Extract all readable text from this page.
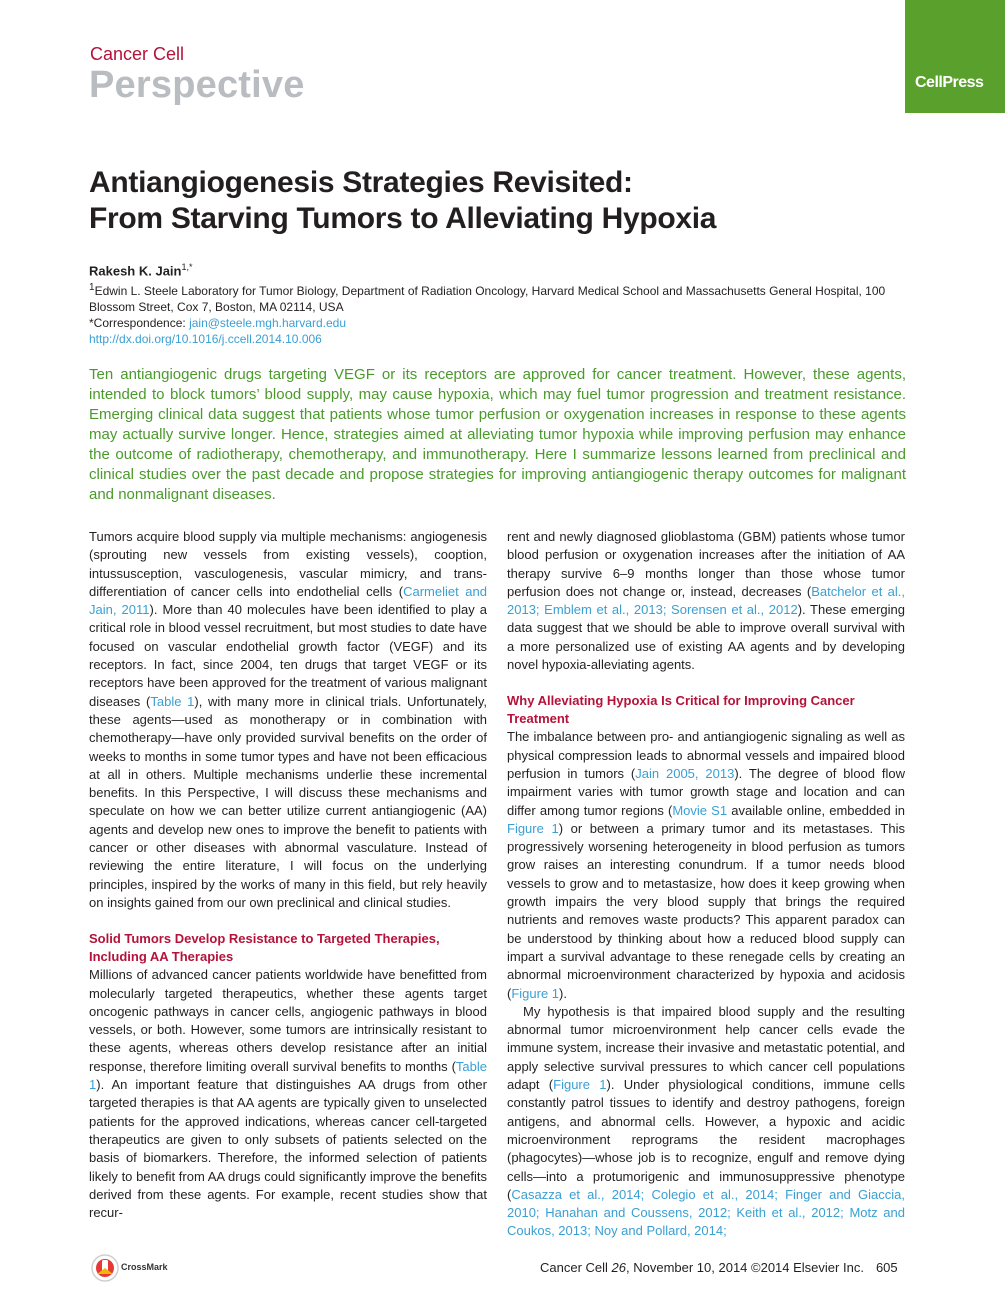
Cancer Cell
Perspective	CellPress
Antiangiogenesis Strategies Revisited:
From Starving Tumors to Alleviating Hypoxia
Rakesh K. Jain$^{1,*}$
$^1$Edwin L. Steele Laboratory for Tumor Biology, Department of Radiation Oncology, Harvard Medical School and Massachusetts General Hospital, 100 Blossom Street, Cox 7, Boston, MA 02114, USA
*Correspondence: jain@steele.mgh.harvard.edu
http://dx.doi.org/10.1016/j.ccell.2014.10.006
Ten antiangiogenic drugs targeting VEGF or its receptors are approved for cancer treatment. However, these agents, intended to block tumors’ blood supply, may cause hypoxia, which may fuel tumor progression and treatment resistance. Emerging clinical data suggest that patients whose tumor perfusion or oxygenation increases in response to these agents may actually survive longer. Hence, strategies aimed at alleviating tumor hypoxia while improving perfusion may enhance the outcome of radiotherapy, chemotherapy, and immunotherapy. Here I summarize lessons learned from preclinical and clinical studies over the past decade and propose strategies for improving antiangiogenic therapy outcomes for malignant and nonmalignant diseases.

Tumors acquire blood supply via multiple mechanisms: angiogenesis (sprouting new vessels from existing vessels), cooption, intussusception, vasculogenesis, vascular mimicry, and trans-differentiation of cancer cells into endothelial cells (Carmeliet and Jain, 2011). More than 40 molecules have been identified to play a critical role in blood vessel recruitment, but most studies to date have focused on vascular endothelial growth factor (VEGF) and its receptors. In fact, since 2004, ten drugs that target VEGF or its receptors have been approved for the treatment of various malignant diseases (Table 1), with many more in clinical trials. Unfortunately, these agents—used as monotherapy or in combination with chemotherapy—have only provided survival benefits on the order of weeks to months in some tumor types and have not been efficacious at all in others. Multiple mechanisms underlie these incremental benefits. In this Perspective, I will discuss these mechanisms and speculate on how we can better utilize current antiangiogenic (AA) agents and develop new ones to improve the benefit to patients with cancer or other diseases with abnormal vasculature. Instead of reviewing the entire literature, I will focus on the underlying principles, inspired by the works of many in this field, but rely heavily on insights gained from our own preclinical and clinical studies.

Solid Tumors Develop Resistance to Targeted Therapies, Including AA Therapies

Millions of advanced cancer patients worldwide have benefitted from molecularly targeted therapeutics, whether these agents target oncogenic pathways in cancer cells, angiogenic pathways in blood vessels, or both. However, some tumors are intrinsically resistant to these agents, whereas others develop resistance after an initial response, therefore limiting overall survival benefits to months (Table 1). An important feature that distinguishes AA drugs from other targeted therapies is that AA agents are typically given to unselected patients for the approved indications, whereas cancer cell-targeted therapeutics are given to only subsets of patients selected on the basis of biomarkers. Therefore, the informed selection of patients likely to benefit from AA drugs could significantly improve the benefits derived from these agents. For example, recent studies show that recur-

rent and newly diagnosed glioblastoma (GBM) patients whose tumor blood perfusion or oxygenation increases after the initiation of AA therapy survive 6–9 months longer than those whose tumor perfusion does not change or, instead, decreases (Batchelor et al., 2013; Emblem et al., 2013; Sorensen et al., 2012). These emerging data suggest that we should be able to improve overall survival with a more personalized use of existing AA agents and by developing novel hypoxia-alleviating agents.

Why Alleviating Hypoxia Is Critical for Improving Cancer Treatment

The imbalance between pro- and antiangiogenic signaling as well as physical compression leads to abnormal vessels and impaired blood perfusion in tumors (Jain 2005, 2013). The degree of blood flow impairment varies with tumor growth stage and location and can differ among tumor regions (Movie S1 available online, embedded in Figure 1) or between a primary tumor and its metastases. This progressively worsening heterogeneity in blood perfusion as tumors grow raises an interesting conundrum. If a tumor needs blood vessels to grow and to metastasize, how does it keep growing when growth impairs the very blood supply that brings the required nutrients and removes waste products? This apparent paradox can be understood by thinking about how a reduced blood supply can impart a survival advantage to these renegade cells by creating an abnormal microenvironment characterized by hypoxia and acidosis (Figure 1).

My hypothesis is that impaired blood supply and the resulting abnormal tumor microenvironment help cancer cells evade the immune system, increase their invasive and metastatic potential, and apply selective survival pressures to which cancer cell populations adapt (Figure 1). Under physiological conditions, immune cells constantly patrol tissues to identify and destroy pathogens, foreign antigens, and abnormal cells. However, a hypoxic and acidic microenvironment reprograms the resident macrophages (phagocytes)—whose job is to recognize, engulf and remove dying cells—into a protumorigenic and immunosuppressive phenotype (Casazza et al., 2014; Colegio et al., 2014; Finger and Giaccia, 2010; Hanahan and Coussens, 2012; Keith et al., 2012; Motz and Coukos, 2013; Noy and Pollard, 2014;

CrossMark	Cancer Cell 26, November 10, 2014 ©2014 Elsevier Inc. 605
